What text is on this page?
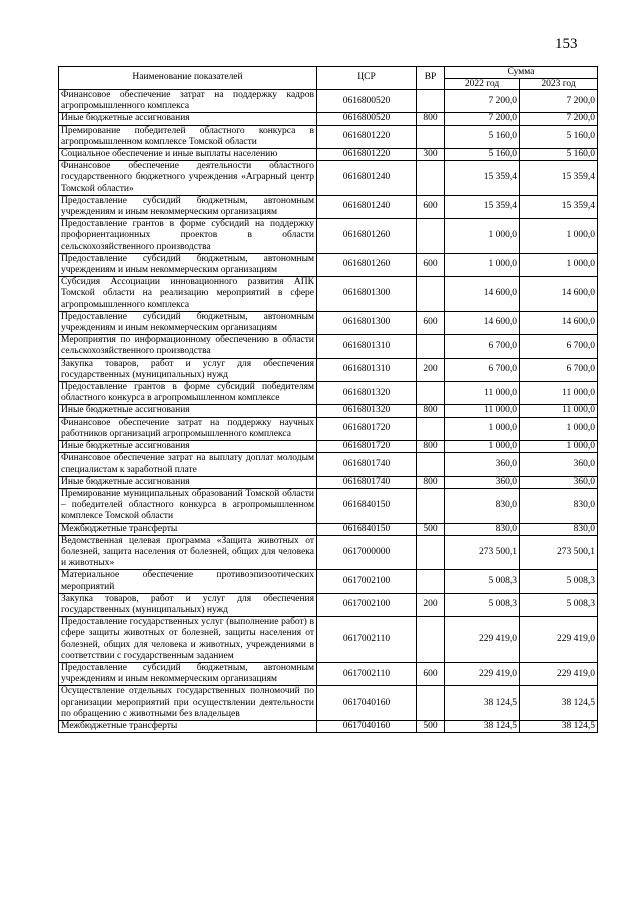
153
Наименование показателей	ЦСР	ВР	Сумма	
			2022 год	2023 год
Финансовое обеспечение затрат на поддержку кадров агропромышленного комплекса	0616800520		7 200,0	7 200,0
Иные бюджетные ассигнования	0616800520	800	7 200,0	7 200,0
Премирование победителей областного конкурса в агропромышленном комплексе Томской области	0616801220		5 160,0	5 160,0
Социальное обеспечение и иные выплаты населению	0616801220	300	5 160,0	5 160,0
Финансовое обеспечение деятельности областного государственного бюджетного учреждения «Аграрный центр Томской области»	0616801240		15 359,4	15 359,4
Предоставление субсидий бюджетным, автономным учреждениям и иным некоммерческим организациям	0616801240	600	15 359,4	15 359,4
Предоставление грантов в форме субсидий на поддержку профориентационных проектов в области сельскохозяйственного производства	0616801260		1 000,0	1 000,0
Предоставление субсидий бюджетным, автономным учреждениям и иным некоммерческим организациям	0616801260	600	1 000,0	1 000,0
Субсидия Ассоциации инновационного развития АПК Томской области на реализацию мероприятий в сфере агропромышленного комплекса	0616801300		14 600,0	14 600,0
Предоставление субсидий бюджетным, автономным учреждениям и иным некоммерческим организациям	0616801300	600	14 600,0	14 600,0
Мероприятия по информационному обеспечению в области сельскохозяйственного производства	0616801310		6 700,0	6 700,0
Закупка товаров, работ и услуг для обеспечения государственных (муниципальных) нужд	0616801310	200	6 700,0	6 700,0
Предоставление грантов в форме субсидий победителям областного конкурса в агропромышленном комплексе	0616801320		11 000,0	11 000,0
Иные бюджетные ассигнования	0616801320	800	11 000,0	11 000,0
Финансовое обеспечение затрат на поддержку научных работников организаций агропромышленного комплекса	0616801720		1 000,0	1 000,0
Иные бюджетные ассигнования	0616801720	800	1 000,0	1 000,0
Финансовое обеспечение затрат на выплату доплат молодым специалистам к заработной плате	0616801740		360,0	360,0
Иные бюджетные ассигнования	0616801740	800	360,0	360,0
Премирование муниципальных образований Томской области – победителей областного конкурса в агропромышленном комплексе Томской области	0616840150		830,0	830,0
Межбюджетные трансферты	0616840150	500	830,0	830,0
Ведомственная целевая программа «Защита животных от болезней, защита населения от болезней, общих для человека и животных»	0617000000		273 500,1	273 500,1
Материальное обеспечение противоэпизоотических мероприятий	0617002100		5 008,3	5 008,3
Закупка товаров, работ и услуг для обеспечения государственных (муниципальных) нужд	0617002100	200	5 008,3	5 008,3
Предоставление государственных услуг (выполнение работ) в сфере защиты животных от болезней, защиты населения от болезней, общих для человека и животных, учреждениями в соответствии с государственным заданием	0617002110		229 419,0	229 419,0
Предоставление субсидий бюджетным, автономным учреждениям и иным некоммерческим организациям	0617002110	600	229 419,0	229 419,0
Осуществление отдельных государственных полномочий по организации мероприятий при осуществлении деятельности по обращению с животными без владельцев	0617040160		38 124,5	38 124,5
Межбюджетные трансферты	0617040160	500	38 124,5	38 124,5
